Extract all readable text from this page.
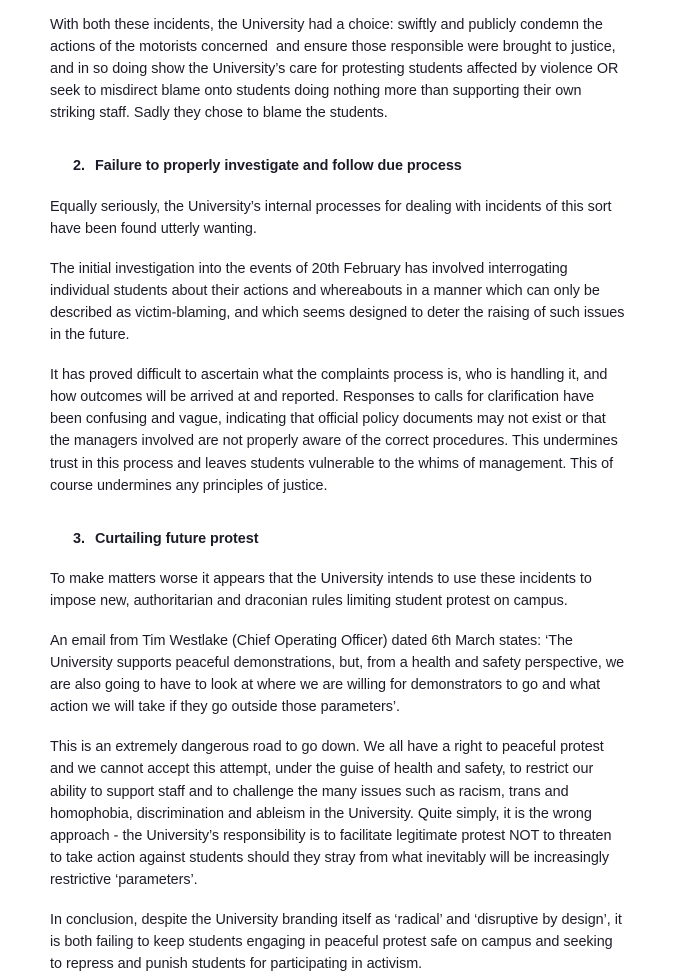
With both these incidents, the University had a choice: swiftly and publicly condemn the actions of the motorists concerned  and ensure those responsible were brought to justice, and in so doing show the University’s care for protesting students affected by violence OR seek to misdirect blame onto students doing nothing more than supporting their own striking staff. Sadly they chose to blame the students.

2. Failure to properly investigate and follow due process

Equally seriously, the University’s internal processes for dealing with incidents of this sort have been found utterly wanting.

The initial investigation into the events of 20th February has involved interrogating individual students about their actions and whereabouts in a manner which can only be described as victim-blaming, and which seems designed to deter the raising of such issues in the future.

It has proved difficult to ascertain what the complaints process is, who is handling it, and how outcomes will be arrived at and reported. Responses to calls for clarification have been confusing and vague, indicating that official policy documents may not exist or that the managers involved are not properly aware of the correct procedures. This undermines trust in this process and leaves students vulnerable to the whims of management. This of course undermines any principles of justice.

3. Curtailing future protest

To make matters worse it appears that the University intends to use these incidents to impose new, authoritarian and draconian rules limiting student protest on campus.

An email from Tim Westlake (Chief Operating Officer) dated 6th March states: ‘The University supports peaceful demonstrations, but, from a health and safety perspective, we are also going to have to look at where we are willing for demonstrators to go and what action we will take if they go outside those parameters’.

This is an extremely dangerous road to go down. We all have a right to peaceful protest and we cannot accept this attempt, under the guise of health and safety, to restrict our ability to support staff and to challenge the many issues such as racism, trans and homophobia, discrimination and ableism in the University. Quite simply, it is the wrong approach - the University’s responsibility is to facilitate legitimate protest NOT to threaten to take action against students should they stray from what inevitably will be increasingly restrictive ‘parameters’.

In conclusion, despite the University branding itself as ‘radical’ and ‘disruptive by design’, it is both failing to keep students engaging in peaceful protest safe on campus and seeking to repress and punish students for participating in activism.
